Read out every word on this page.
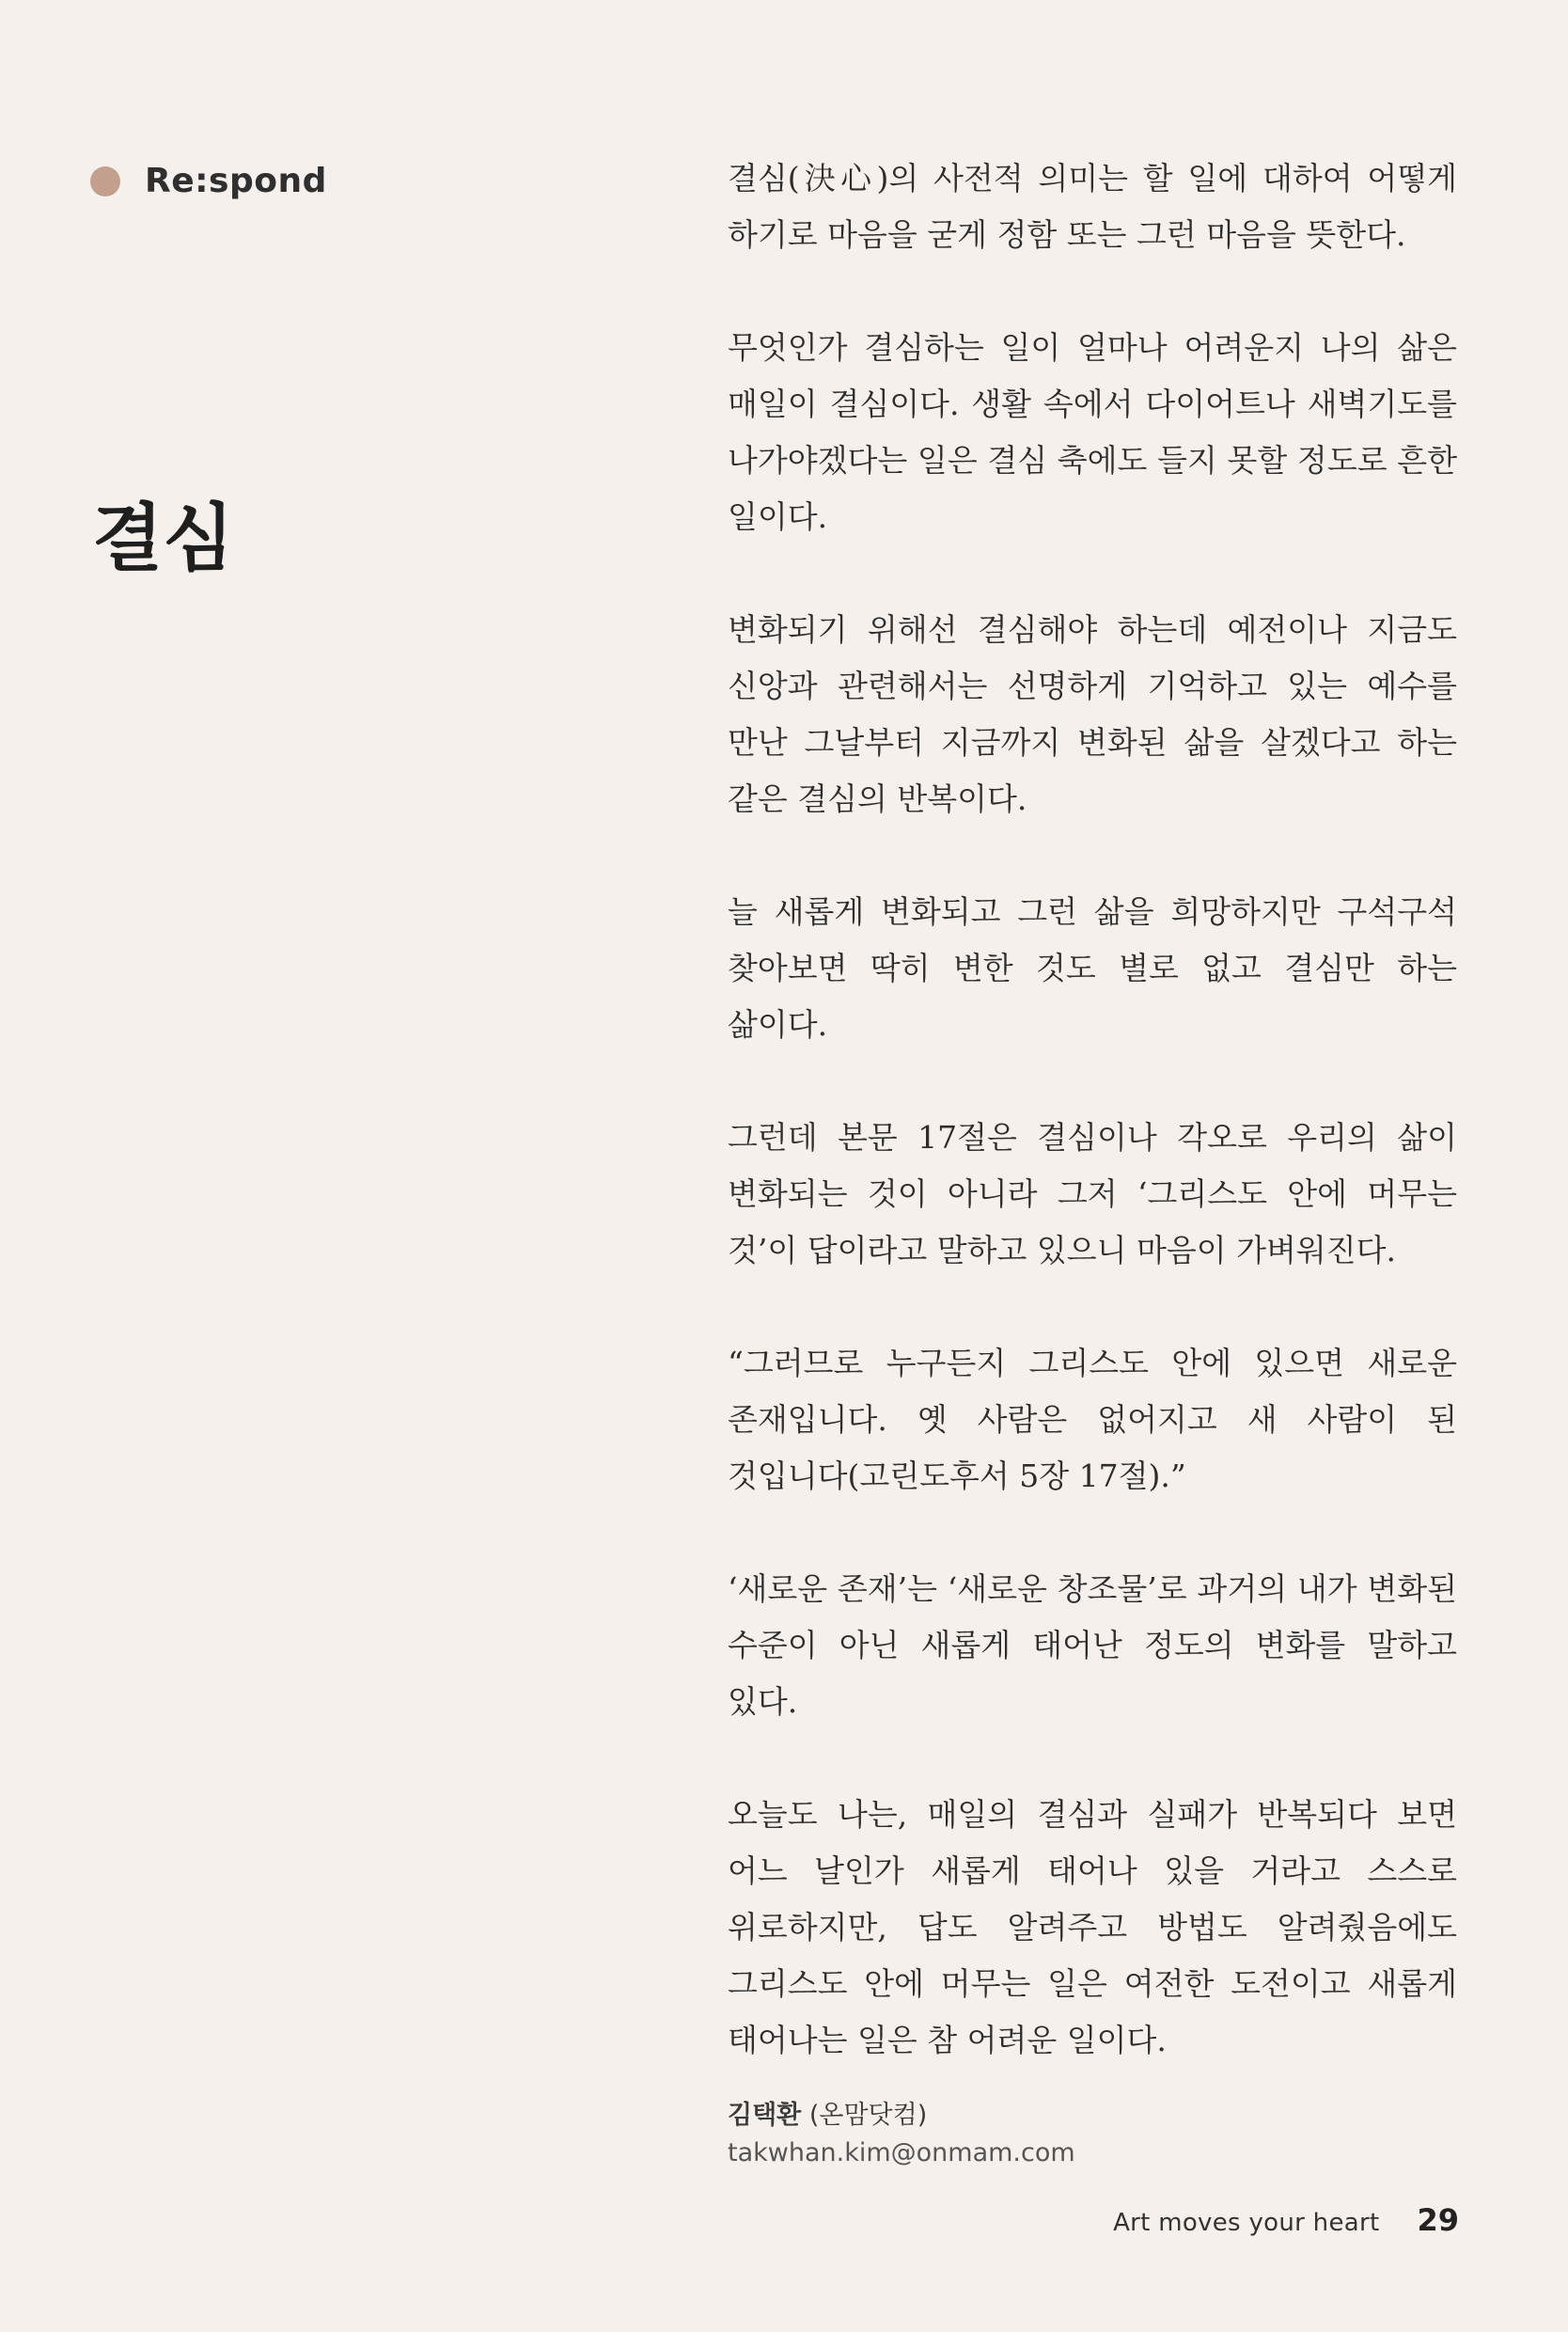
Re:spond
결심

결심(決心)의 사전적 의미는 할 일에 대하여 어떻게 하기로 마음을 굳게 정함 또는 그런 마음을 뜻한다.

무엇인가 결심하는 일이 얼마나 어려운지 나의 삶은 매일이 결심이다. 생활 속에서 다이어트나 새벽기도를 나가야겠다는 일은 결심 축에도 들지 못할 정도로 흔한 일이다.

변화되기 위해선 결심해야 하는데 예전이나 지금도 신앙과 관련해서는 선명하게 기억하고 있는 예수를 만난 그날부터 지금까지 변화된 삶을 살겠다고 하는 같은 결심의 반복이다.

늘 새롭게 변화되고 그런 삶을 희망하지만 구석구석 찾아보면 딱히 변한 것도 별로 없고 결심만 하는 삶이다.

그런데 본문 17절은 결심이나 각오로 우리의 삶이 변화되는 것이 아니라 그저 ‘그리스도 안에 머무는 것’이 답이라고 말하고 있으니 마음이 가벼워진다.

“그러므로 누구든지 그리스도 안에 있으면 새로운 존재입니다. 옛 사람은 없어지고 새 사람이 된 것입니다(고린도후서 5장 17절).”

‘새로운 존재’는 ‘새로운 창조물’로 과거의 내가 변화된 수준이 아닌 새롭게 태어난 정도의 변화를 말하고 있다.

오늘도 나는, 매일의 결심과 실패가 반복되다 보면 어느 날인가 새롭게 태어나 있을 거라고 스스로 위로하지만, 답도 알려주고 방법도 알려줬음에도 그리스도 안에 머무는 일은 여전한 도전이고 새롭게 태어나는 일은 참 어려운 일이다.

김택환 (온맘닷컴)
takwhan.kim@onmam.com
Art moves your heart 29
